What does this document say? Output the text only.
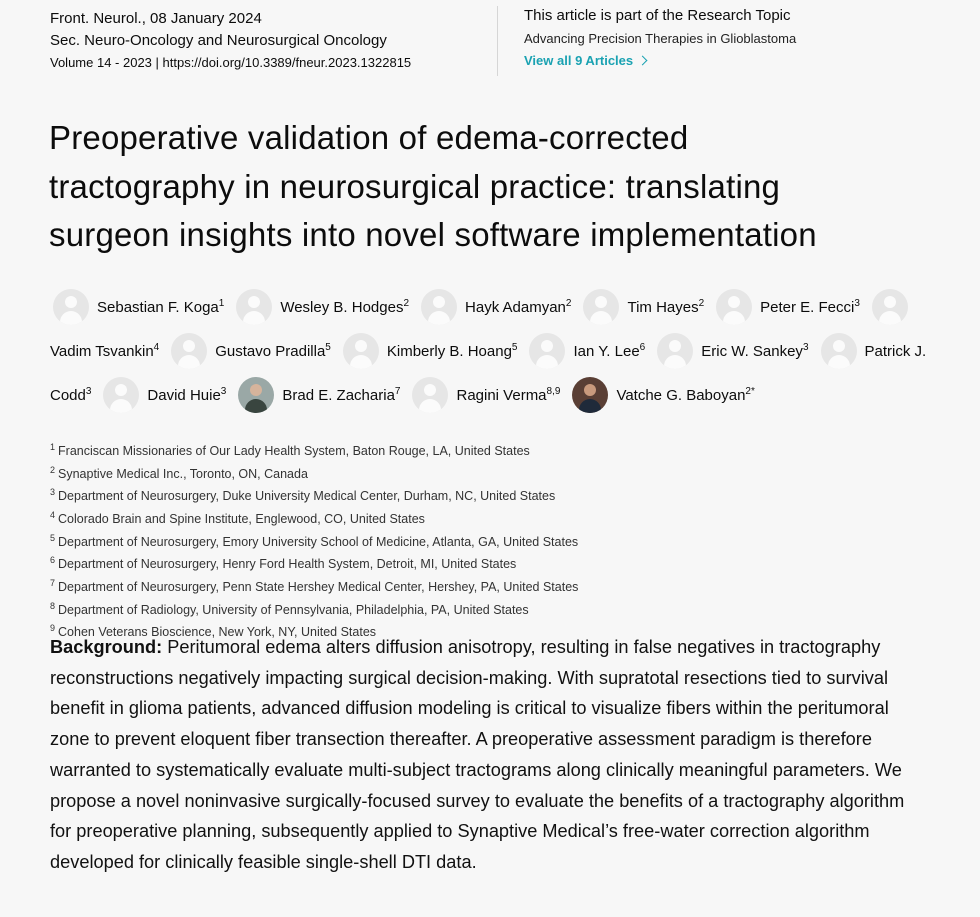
Front. Neurol., 08 January 2024
Sec. Neuro-Oncology and Neurosurgical Oncology
Volume 14 - 2023 | https://doi.org/10.3389/fneur.2023.1322815
This article is part of the Research Topic
Advancing Precision Therapies in Glioblastoma
View all 9 Articles
Preoperative validation of edema-corrected
tractography in neurosurgical practice: translating
surgeon insights into novel software implementation
Sebastian F. Koga$^1$	Wesley B. Hodges$^2$	Hayk Adamyan$^2$	Tim Hayes$^2$	Peter E. Fecci$^3$
Vadim Tsvankin$^4$	Gustavo Pradilla$^5$	Kimberly B. Hoang$^5$	Ian Y. Lee$^6$	Eric W. Sankey$^3$	Patrick J.
Codd$^3$	David Huie$^3$	Brad E. Zacharia$^7$	Ragini Verma$^{8,9}$	Vatche G. Baboyan$^{2*}$
$^1$ Franciscan Missionaries of Our Lady Health System, Baton Rouge, LA, United States
$^2$ Synaptive Medical Inc., Toronto, ON, Canada
$^3$ Department of Neurosurgery, Duke University Medical Center, Durham, NC, United States
$^4$ Colorado Brain and Spine Institute, Englewood, CO, United States
$^5$ Department of Neurosurgery, Emory University School of Medicine, Atlanta, GA, United States
$^6$ Department of Neurosurgery, Henry Ford Health System, Detroit, MI, United States
$^7$ Department of Neurosurgery, Penn State Hershey Medical Center, Hershey, PA, United States
$^8$ Department of Radiology, University of Pennsylvania, Philadelphia, PA, United States
$^9$ Cohen Veterans Bioscience, New York, NY, United States

Background: Peritumoral edema alters diffusion anisotropy, resulting in false negatives in tractography reconstructions negatively impacting surgical decision-making. With supratotal resections tied to survival benefit in glioma patients, advanced diffusion modeling is critical to visualize fibers within the peritumoral zone to prevent eloquent fiber transection thereafter. A preoperative assessment paradigm is therefore warranted to systematically evaluate multi-subject tractograms along clinically meaningful parameters. We propose a novel noninvasive surgically-focused survey to evaluate the benefits of a tractography algorithm for preoperative planning, subsequently applied to Synaptive Medical’s free-water correction algorithm developed for clinically feasible single-shell DTI data.
